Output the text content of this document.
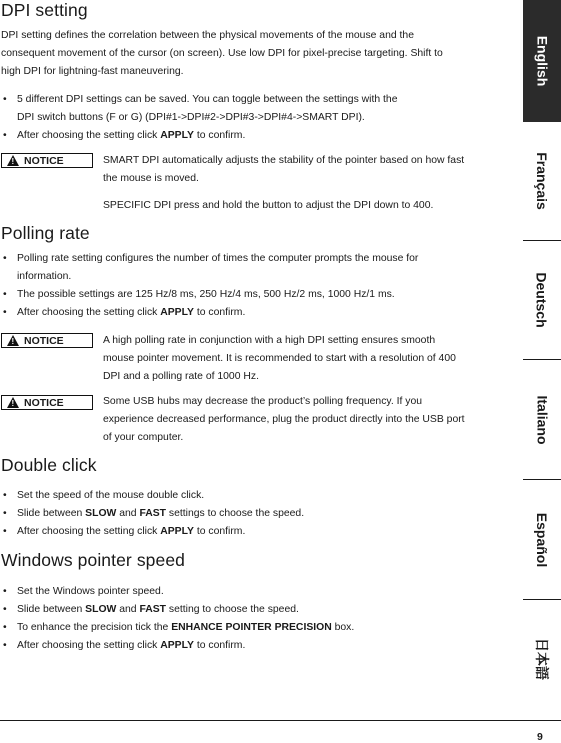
DPI setting

DPI setting defines the correlation between the physical movements of the mouse and the

consequent movement of the cursor (on screen). Use low DPI for pixel-precise targeting. Shift to

high DPI for lightning-fast maneuvering.

• 5 different DPI settings can be saved. You can toggle between the settings with the
DPI switch buttons (F or G) (DPI#1->DPI#2->DPI#3->DPI#4->SMART DPI).
• After choosing the setting click APPLY to confirm.
!
NOTICE	SMART DPI automatically adjusts the stability of the pointer based on how fast

the mouse is moved.

SPECIFIC DPI press and hold the button to adjust the DPI down to 400.

Polling rate
• Polling rate setting configures the number of times the computer prompts the mouse for
information.
• The possible settings are 125 Hz/8 ms, 250 Hz/4 ms, 500 Hz/2 ms, 1000 Hz/1 ms.
• After choosing the setting click APPLY to confirm.
!
NOTICE	A high polling rate in conjunction with a high DPI setting ensures smooth

mouse pointer movement. It is recommended to start with a resolution of 400

DPI and a polling rate of 1000 Hz.

!
NOTICE	Some USB hubs may decrease the product’s polling frequency. If you

experience decreased performance, plug the product directly into the USB port

of your computer.

Double click
• Set the speed of the mouse double click.
• Slide between SLOW and FAST settings to choose the speed.
• After choosing the setting click APPLY to confirm.
Windows pointer speed
• Set the Windows pointer speed.
• Slide between SLOW and FAST setting to choose the speed.
• To enhance the precision tick the ENHANCE POINTER PRECISION box.
• After choosing the setting click APPLY to confirm.
English
Français
Deutsch
Italiano
Español
日本語
9
